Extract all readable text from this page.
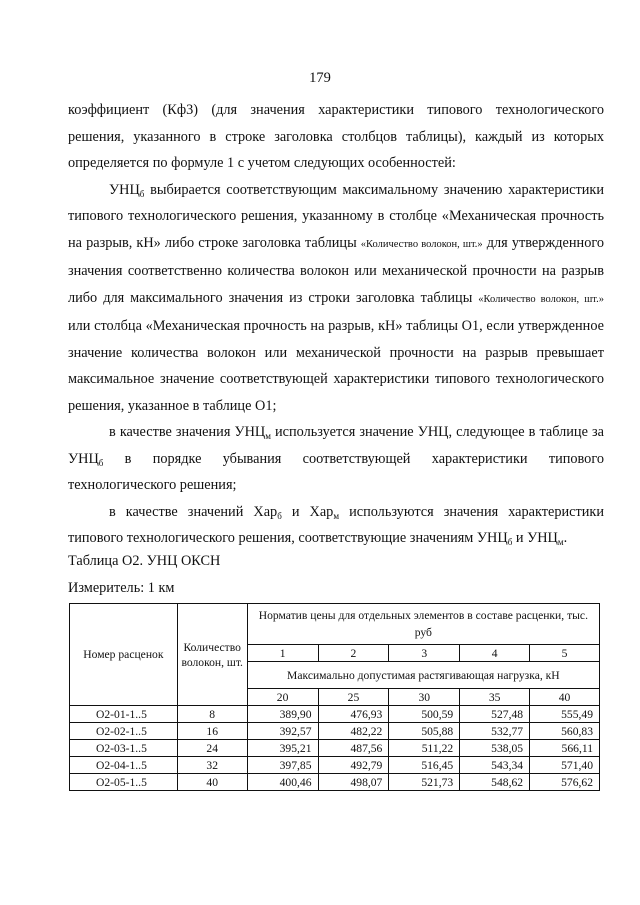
179

коэффициент (Кф3) (для значения характеристики типового технологического решения, указанного в строке заголовка столбцов таблицы), каждый из которых определяется по формуле 1 с учетом следующих особенностей:

$УНЦ_б$ выбирается соответствующим максимальному значению характеристики типового технологического решения, указанному в столбце «Механическая прочность на разрыв, кН» либо строке заголовка таблицы «Количество волокон, шт.» для утвержденного значения соответственно количества волокон или механической прочности на разрыв либо для максимального значения из строки заголовка таблицы «Количество волокон, шт.» или столбца «Механическая прочность на разрыв, кН» таблицы О1, если утвержденное значение количества волокон или механической прочности на разрыв превышает максимальное значение соответствующей характеристики типового технологического решения, указанное в таблице О1;

в качестве значения $УНЦ_м$ используется значение УНЦ, следующее в таблице за $УНЦ_б$ в порядке убывания соответствующей характеристики типового технологического решения;

в качестве значений Хар$_б$ и Хар$_м$ используются значения характеристики типового технологического решения, соответствующие значениям $УНЦ_б$ и $УНЦ_м$.

Таблица О2. УНЦ ОКСН
Измеритель: 1 км
Номер расценок	Количество волокон, шт.	Норматив цены для отдельных элементов в составе расценки, тыс. руб				
		1	2	3	4	5
		Максимально допустимая растягивающая нагрузка, кН				
		20	25	30	35	40
О2-01-1..5	8	389,90	476,93	500,59	527,48	555,49
О2-02-1..5	16	392,57	482,22	505,88	532,77	560,83
О2-03-1..5	24	395,21	487,56	511,22	538,05	566,11
О2-04-1..5	32	397,85	492,79	516,45	543,34	571,40
О2-05-1..5	40	400,46	498,07	521,73	548,62	576,62
